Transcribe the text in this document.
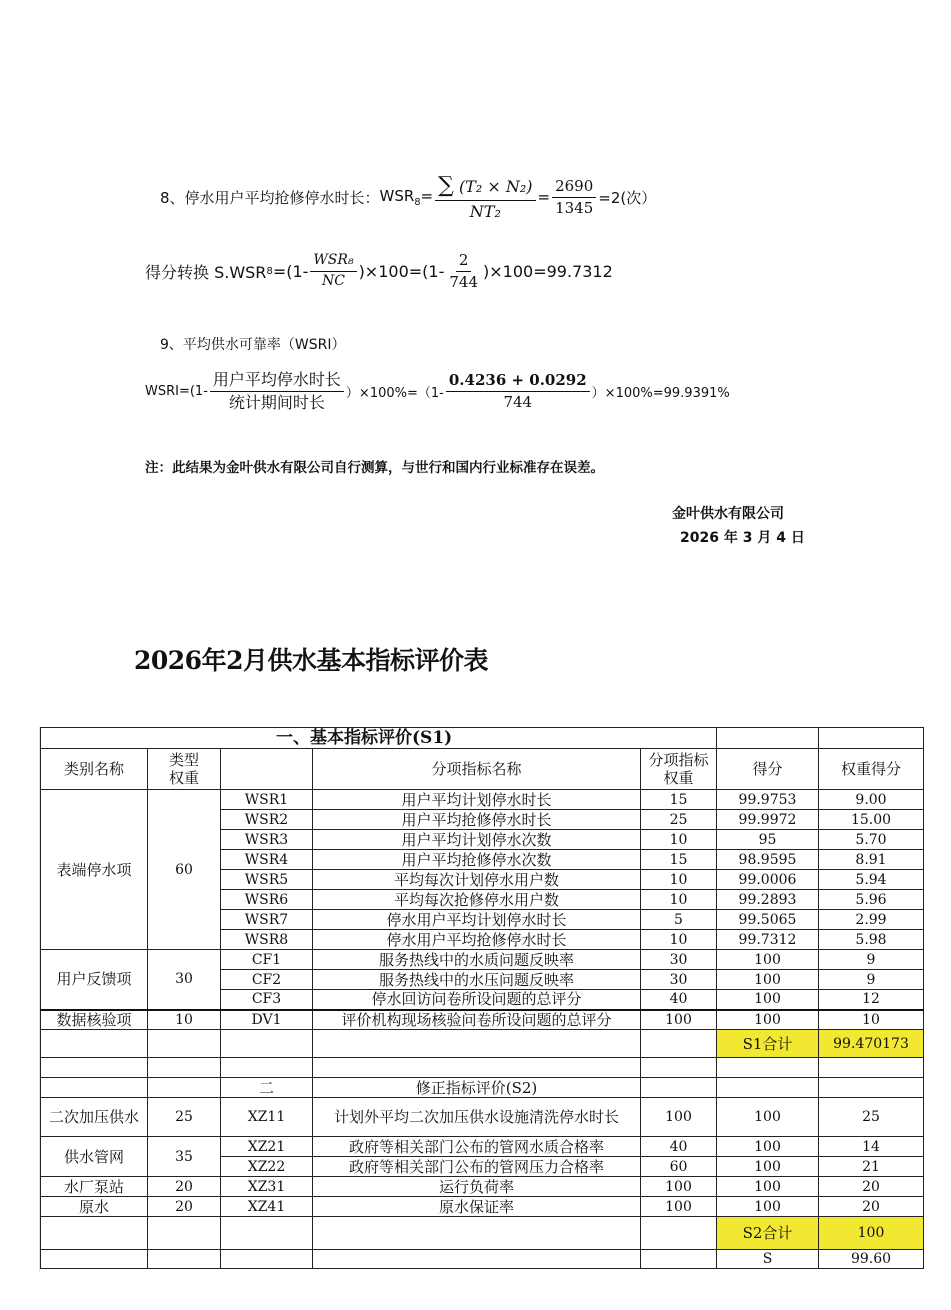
8、停水用户平均抢修停水时长： $WSR_8= \frac{\text{∑ (T₂ × N₂)}}{\text{NT₂}} = \frac{2690}{1345} =2$(次）
得分转换 S.WSR $8 =(1- \frac{\text{WSR₈}}{NC} )\times 100=(1- \frac{2}{744} )\times 100=99.7312$
9、平均供水可靠率（WSRI）
WSRI=(1- $\frac{\text{用户平均停水时长}}{\text{统计期间时长}} )\times 100\%=(1- \frac{0.4236 + 0.0292}{744} )\times 100\%=99.9391\%$
注：此结果为金叶供水有限公司自行测算，与世行和国内行业标准存在误差。
金叶供水有限公司
2026 年 3 月 4 日
2026年2月供水基本指标评价表
一、基本指标评价(S1)						
类别名称	类型权重		分项指标名称	分项指标权重	得分	权重得分
表端停水项	60	WSR1	用户平均计划停水时长	15	99.9753	9.00
		WSR2	用户平均抢修停水时长	25	99.9972	15.00
		WSR3	用户平均计划停水次数	10	95	5.70
		WSR4	用户平均抢修停水次数	15	98.9595	8.91
		WSR5	平均每次计划停水用户数	10	99.0006	5.94
		WSR6	平均每次抢修停水用户数	10	99.2893	5.96
		WSR7	停水用户平均计划停水时长	5	99.5065	2.99
		WSR8	停水用户平均抢修停水时长	10	99.7312	5.98
用户反馈项	30	CF1	服务热线中的水质问题反映率	30	100	9
		CF2	服务热线中的水压问题反映率	30	100	9
		CF3	停水回访问卷所设问题的总评分	40	100	12
数据核验项	10	DV1	评价机构现场核验问卷所设问题的总评分	100	100	10
					S1合计	99.470173

		二	修正指标评价(S2)			
二次加压供水	25	XZ11	计划外平均二次加压供水设施清洗停水时长	100	100	25
供水管网	35	XZ21	政府等相关部门公布的管网水质合格率	40	100	14
		XZ22	政府等相关部门公布的管网压力合格率	60	100	21
水厂泵站	20	XZ31	运行负荷率	100	100	20
原水	20	XZ41	原水保证率	100	100	20
					S2合计	100
					S	99.60
